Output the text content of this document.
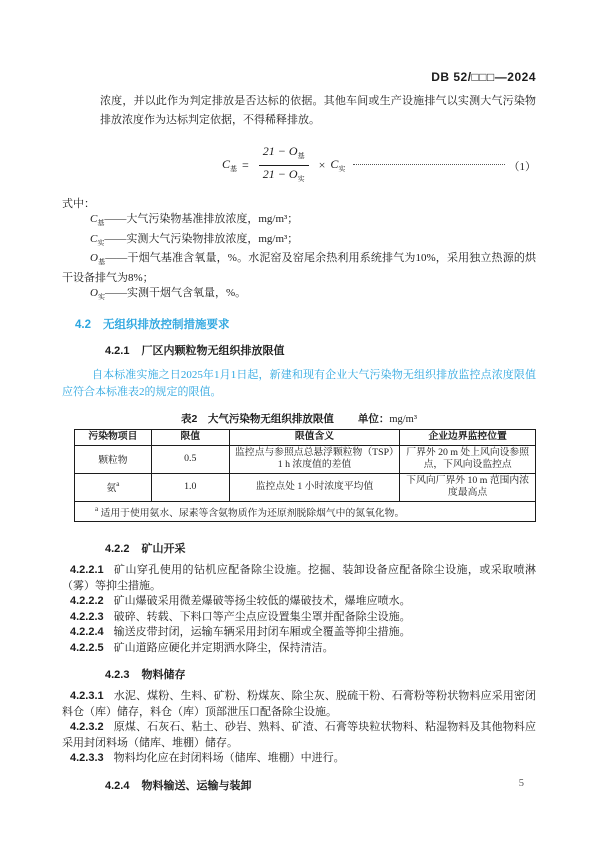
DB 52/□□□—2024

浓度，并以此作为判定排放是否达标的依据。其他车间或生产设施排气以实测大气污染物排放浓度作为达标判定依据，不得稀释排放。

$C_基 = \frac{21 - O_基}{21 - O_实} \times C_实$	（1）
式中：
$C_基——$大气污染物基准排放浓度，mg/m³；
$C_实——$实测大气污染物排放浓度，mg/m³；
$O_基——$干烟气基准含氧量，%。水泥窑及窑尾余热利用系统排气为10%，采用独立热源的烘干设备排气为8%；
$O_实——$实测干烟气含氧量，%。
4.2 无组织排放控制措施要求
4.2.1 厂区内颗粒物无组织排放限值

自本标准实施之日2025年1月1日起，新建和现有企业大气污染物无组织排放监控点浓度限值应符合本标准表2的规定的限值。

表2　大气污染物无组织排放限值 单位：mg/m³
污染物项目	限值	限值含义	企业边界监控位置
颗粒物	0.5	监控点与参照点总悬浮颗粒物（TSP）1 h 浓度值的差值	厂界外 20 m 处上风向设参照点，下风向设监控点
氨$^a$	1.0	监控点处 1 小时浓度平均值	下风向厂界外 10 m 范围内浓度最高点
$^a$ 适用于使用氨水、尿素等含氨物质作为还原剂脱除烟气中的氮氧化物。			
4.2.2 矿山开采

4.2.2.1 矿山穿孔使用的钻机应配备除尘设施。挖掘、装卸设备应配备除尘设施，或采取喷淋（雾）等抑尘措施。

4.2.2.2 矿山爆破采用微差爆破等扬尘较低的爆破技术，爆堆应喷水。

4.2.2.3 破碎、转载、下料口等产尘点应设置集尘罩并配备除尘设施。

4.2.2.4 输送皮带封闭，运输车辆采用封闭车厢或全覆盖等抑尘措施。

4.2.2.5 矿山道路应硬化并定期洒水降尘，保持清洁。

4.2.3 物料储存

4.2.3.1 水泥、煤粉、生料、矿粉、粉煤灰、除尘灰、脱硫干粉、石膏粉等粉状物料应采用密闭料仓（库）储存，料仓（库）顶部泄压口配备除尘设施。

4.2.3.2 原煤、石灰石、粘土、砂岩、熟料、矿渣、石膏等块粒状物料、粘湿物料及其他物料应采用封闭料场（储库、堆棚）储存。

4.2.3.3 物料均化应在封闭料场（储库、堆棚）中进行。

4.2.4 物料输送、运输与装卸	5
